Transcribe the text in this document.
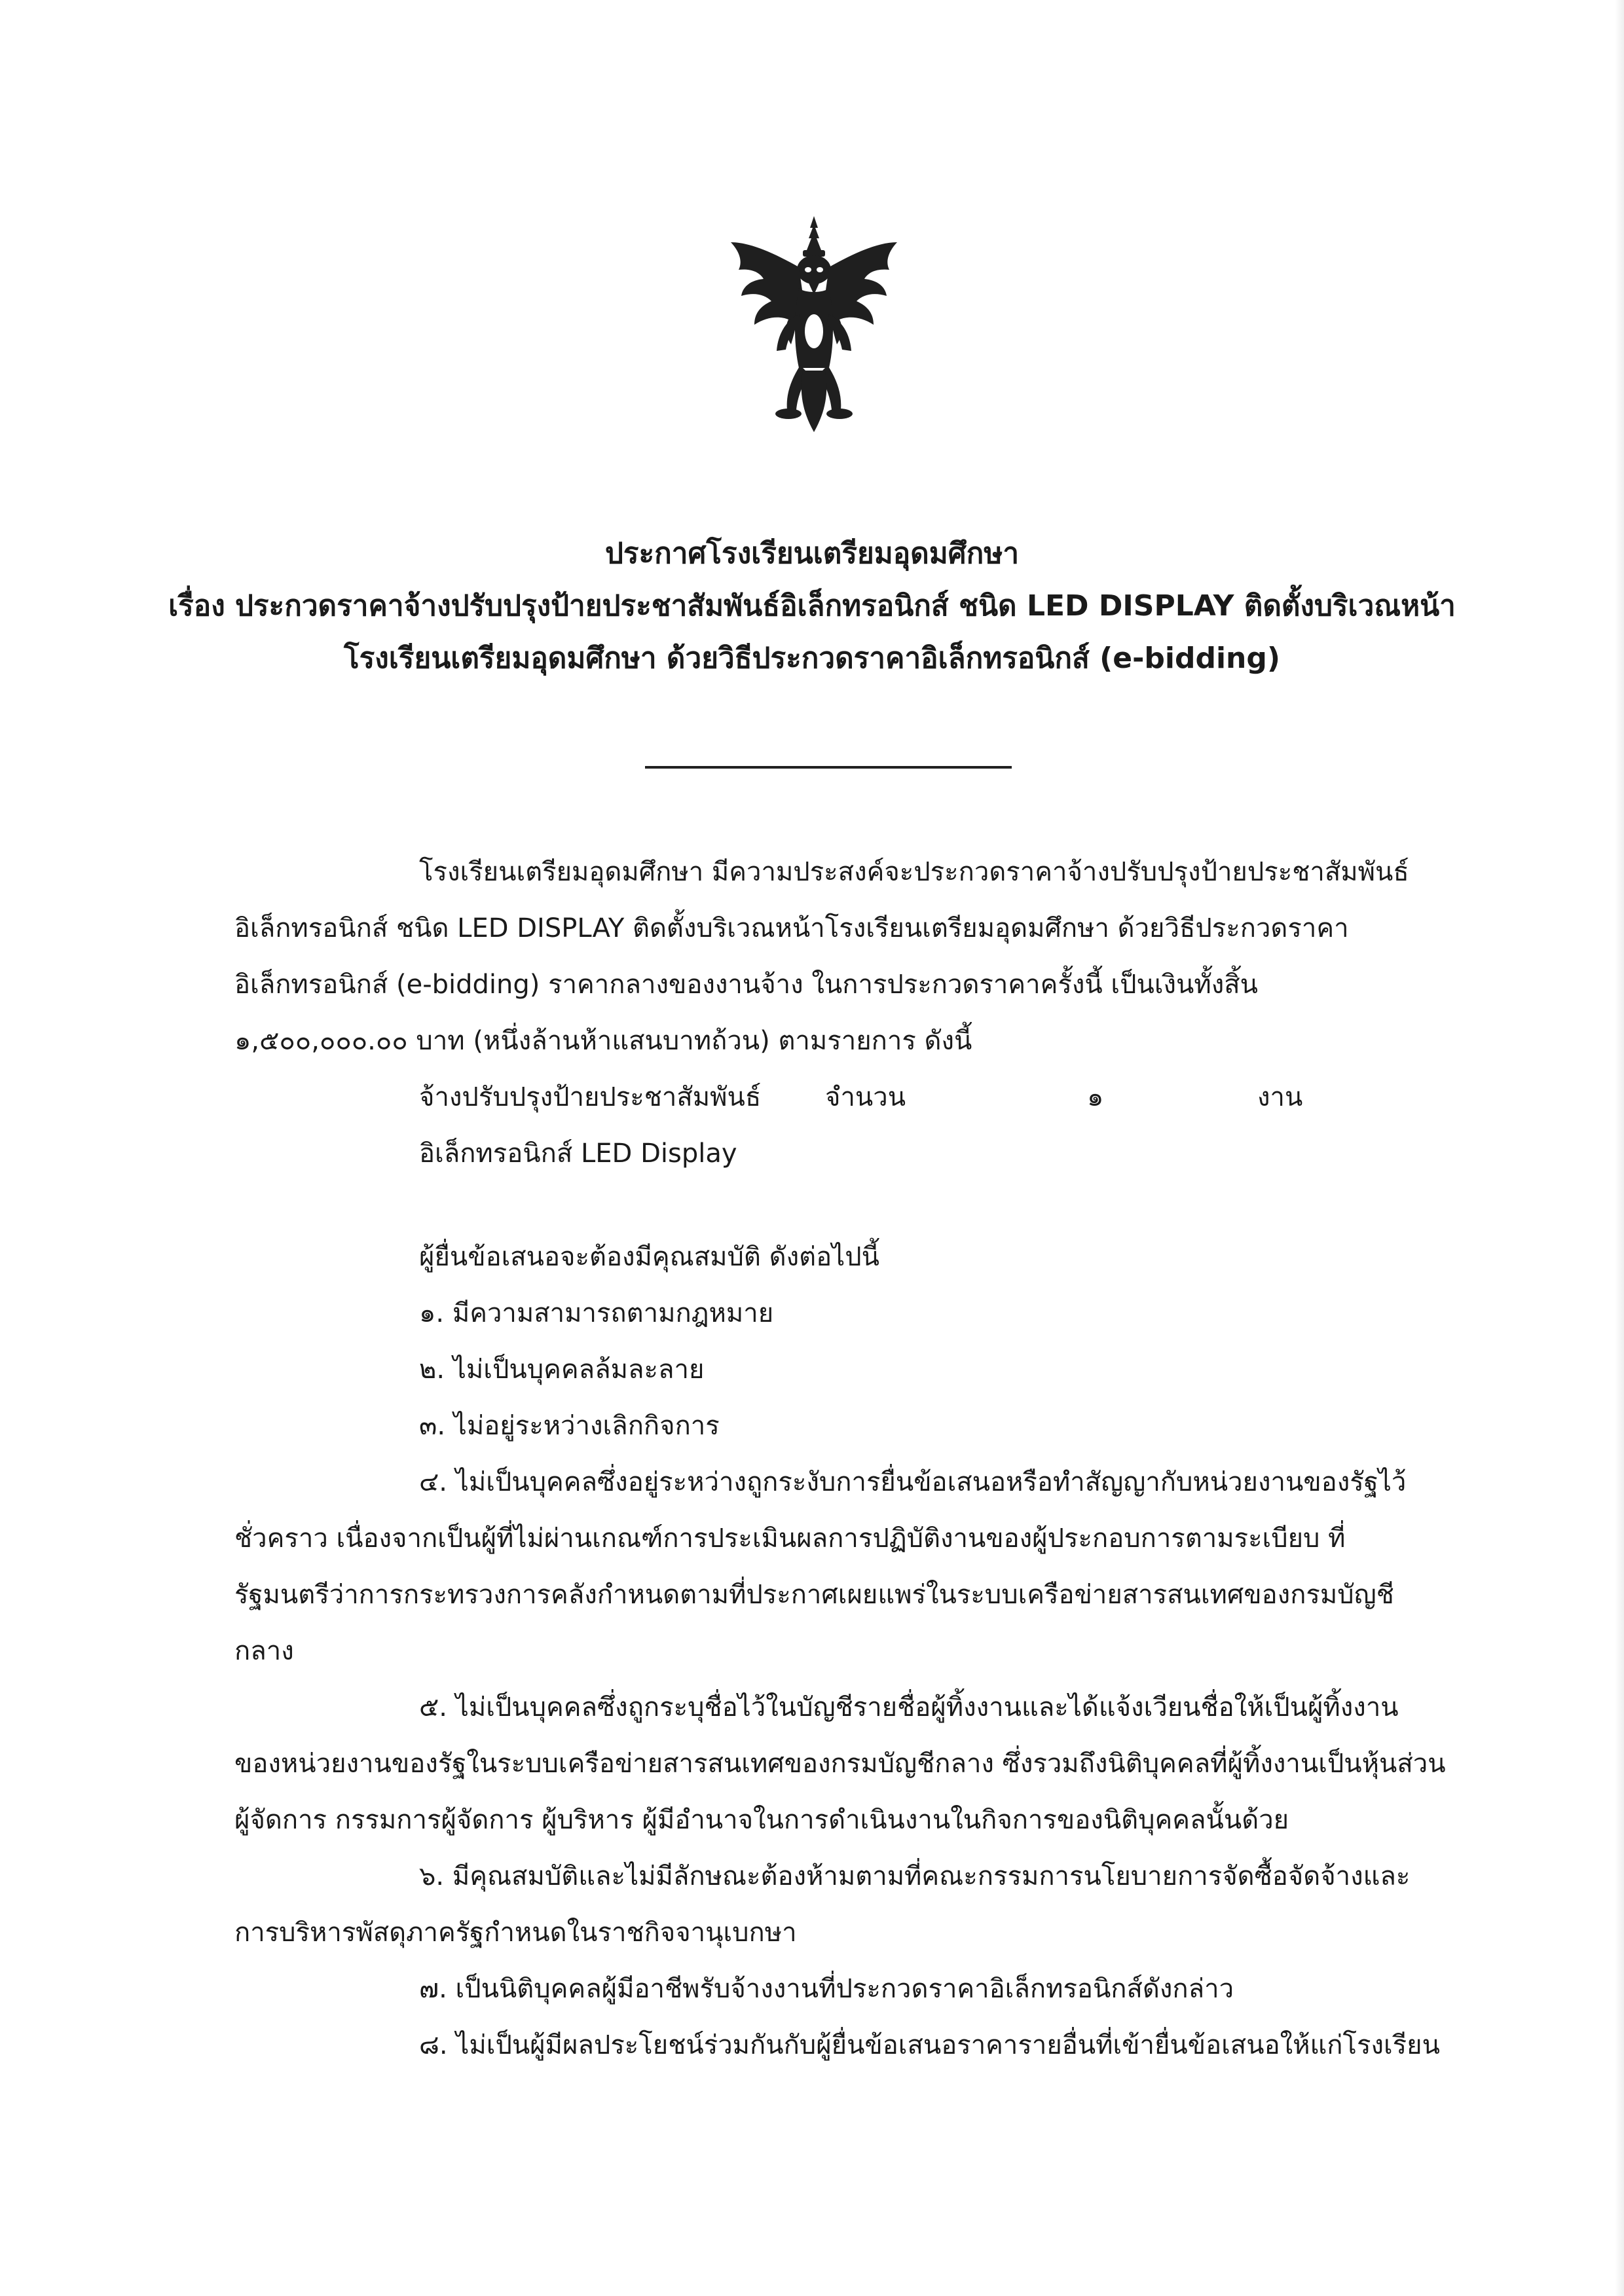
ประกาศโรงเรียนเตรียมอุดมศึกษา
เรื่อง ประกวดราคาจ้างปรับปรุงป้ายประชาสัมพันธ์อิเล็กทรอนิกส์ ชนิด LED DISPLAY ติดตั้งบริเวณหน้า
โรงเรียนเตรียมอุดมศึกษา ด้วยวิธีประกวดราคาอิเล็กทรอนิกส์ (e-bidding)
โรงเรียนเตรียมอุดมศึกษา มีความประสงค์จะประกวดราคาจ้างปรับปรุงป้ายประชาสัมพันธ์
อิเล็กทรอนิกส์ ชนิด LED DISPLAY ติดตั้งบริเวณหน้าโรงเรียนเตรียมอุดมศึกษา ด้วยวิธีประกวดราคา
อิเล็กทรอนิกส์ (e-bidding) ราคากลางของงานจ้าง ในการประกวดราคาครั้งนี้ เป็นเงินทั้งสิ้น
๑,๕๐๐,๐๐๐.๐๐ บาท (หนึ่งล้านห้าแสนบาทถ้วน) ตามรายการ ดังนี้
จ้างปรับปรุงป้ายประชาสัมพันธ์ จำนวน	๑	งาน
อิเล็กทรอนิกส์ LED Display
ผู้ยื่นข้อเสนอจะต้องมีคุณสมบัติ ดังต่อไปนี้
๑. มีความสามารถตามกฎหมาย
๒. ไม่เป็นบุคคลล้มละลาย
๓. ไม่อยู่ระหว่างเลิกกิจการ
๔. ไม่เป็นบุคคลซึ่งอยู่ระหว่างถูกระงับการยื่นข้อเสนอหรือทำสัญญากับหน่วยงานของรัฐไว้
ชั่วคราว เนื่องจากเป็นผู้ที่ไม่ผ่านเกณฑ์การประเมินผลการปฏิบัติงานของผู้ประกอบการตามระเบียบ ที่
รัฐมนตรีว่าการกระทรวงการคลังกำหนดตามที่ประกาศเผยแพร่ในระบบเครือข่ายสารสนเทศของกรมบัญชี
กลาง
๕. ไม่เป็นบุคคลซึ่งถูกระบุชื่อไว้ในบัญชีรายชื่อผู้ทิ้งงานและได้แจ้งเวียนชื่อให้เป็นผู้ทิ้งงาน
ของหน่วยงานของรัฐในระบบเครือข่ายสารสนเทศของกรมบัญชีกลาง ซึ่งรวมถึงนิติบุคคลที่ผู้ทิ้งงานเป็นหุ้นส่วน
ผู้จัดการ กรรมการผู้จัดการ ผู้บริหาร ผู้มีอำนาจในการดำเนินงานในกิจการของนิติบุคคลนั้นด้วย
๖. มีคุณสมบัติและไม่มีลักษณะต้องห้ามตามที่คณะกรรมการนโยบายการจัดซื้อจัดจ้างและ
การบริหารพัสดุภาครัฐกำหนดในราชกิจจานุเบกษา
๗. เป็นนิติบุคคลผู้มีอาชีพรับจ้างงานที่ประกวดราคาอิเล็กทรอนิกส์ดังกล่าว
๘. ไม่เป็นผู้มีผลประโยชน์ร่วมกันกับผู้ยื่นข้อเสนอราคารายอื่นที่เข้ายื่นข้อเสนอให้แก่โรงเรียน
